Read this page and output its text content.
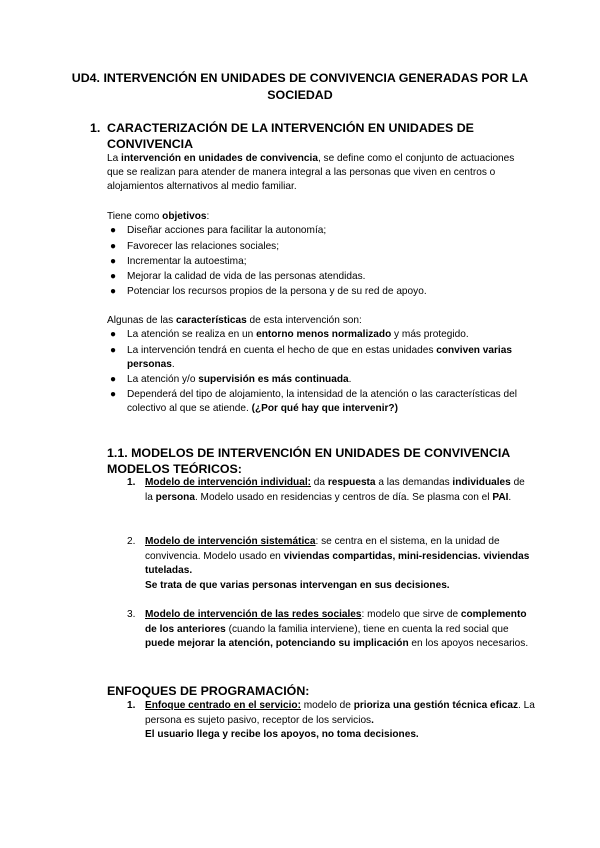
UD4. INTERVENCIÓN EN UNIDADES DE CONVIVENCIA GENERADAS POR LA
SOCIEDAD
1. CARACTERIZACIÓN DE LA INTERVENCIÓN EN UNIDADES DE
CONVIVENCIA
La intervención en unidades de convivencia, se define como el conjunto de actuaciones que se realizan para atender de manera integral a las personas que viven en centros o alojamientos alternativos al medio familiar.
Tiene como objetivos:
● Diseñar acciones para facilitar la autonomía;
● Favorecer las relaciones sociales;
● Incrementar la autoestima;
● Mejorar la calidad de vida de las personas atendidas.
● Potenciar los recursos propios de la persona y de su red de apoyo.
Algunas de las características de esta intervención son:
● La atención se realiza en un entorno menos normalizado y más protegido.
● La intervención tendrá en cuenta el hecho de que en estas unidades conviven varias personas.
● La atención y/o supervisión es más continuada.
● Dependerá del tipo de alojamiento, la intensidad de la atención o las características del colectivo al que se atiende. (¿Por qué hay que intervenir?)
1.1. MODELOS DE INTERVENCIÓN EN UNIDADES DE CONVIVENCIA
MODELOS TEÓRICOS:
1. Modelo de intervención individual: da respuesta a las demandas individuales de la persona. Modelo usado en residencias y centros de día. Se plasma con el PAI.
2. Modelo de intervención sistemática: se centra en el sistema, en la unidad de convivencia. Modelo usado en viviendas compartidas, mini-residencias. viviendas tuteladas.
Se trata de que varias personas intervengan en sus decisiones.
3. Modelo de intervención de las redes sociales: modelo que sirve de complemento de los anteriores (cuando la familia interviene), tiene en cuenta la red social que puede mejorar la atención, potenciando su implicación en los apoyos necesarios.
ENFOQUES DE PROGRAMACIÓN:
1. Enfoque centrado en el servicio: modelo de prioriza una gestión técnica eficaz. La persona es sujeto pasivo, receptor de los servicios.
El usuario llega y recibe los apoyos, no toma decisiones.
